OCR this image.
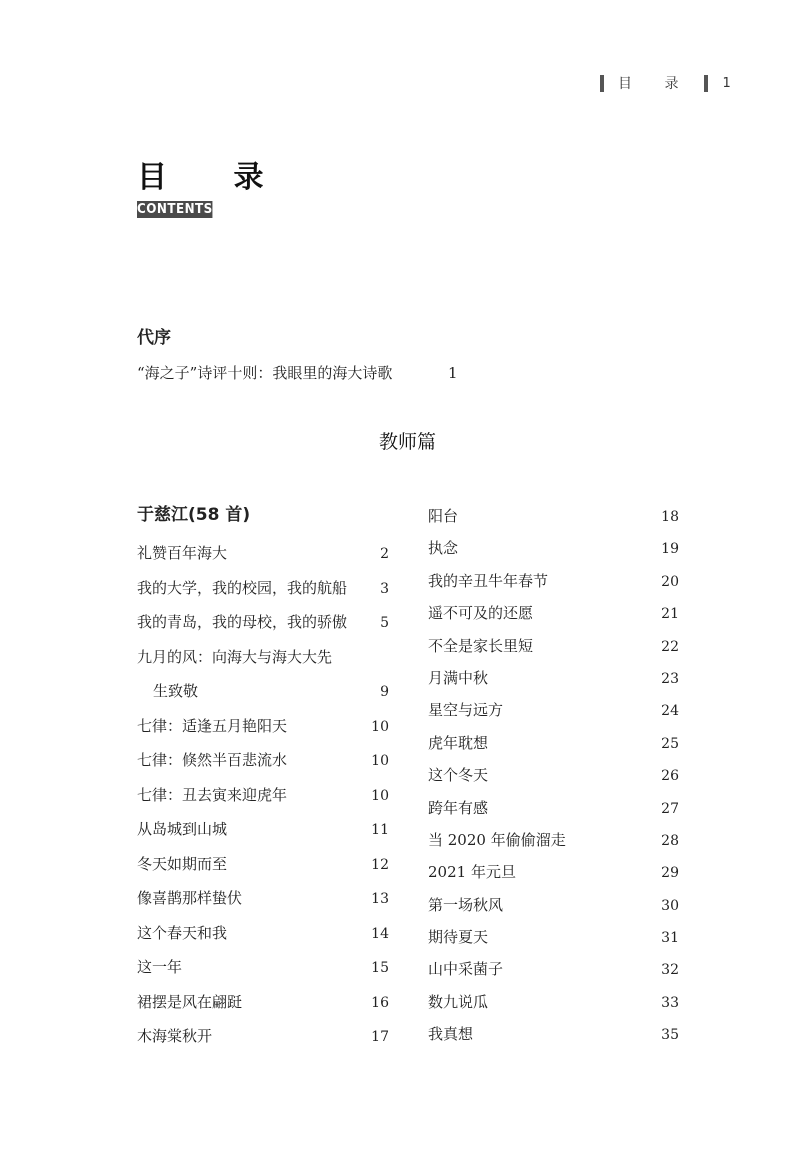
目 录 1
目 录
CONTENTS
代序
“海之子”诗评十则：我眼里的海大诗歌	1
教师篇
于慈江(58 首)
礼赞百年海大	2
我的大学，我的校园，我的航船	3
我的青岛，我的母校，我的骄傲	5
九月的风：向海大与海大大先
生致敬	9
七律：适逢五月艳阳天	10
七律：倏然半百悲流水	10
七律：丑去寅来迎虎年	10
从岛城到山城	11
冬天如期而至	12
像喜鹊那样蛰伏	13
这个春天和我	14
这一年	15
裙摆是风在翩跹	16
木海棠秋开	17
阳台	18
执念	19
我的辛丑牛年春节	20
遥不可及的还愿	21
不全是家长里短	22
月满中秋	23
星空与远方	24
虎年耽想	25
这个冬天	26
跨年有感	27
当 2020 年偷偷溜走	28
2021 年元旦	29
第一场秋风	30
期待夏天	31
山中采菌子	32
数九说瓜	33
我真想	35
